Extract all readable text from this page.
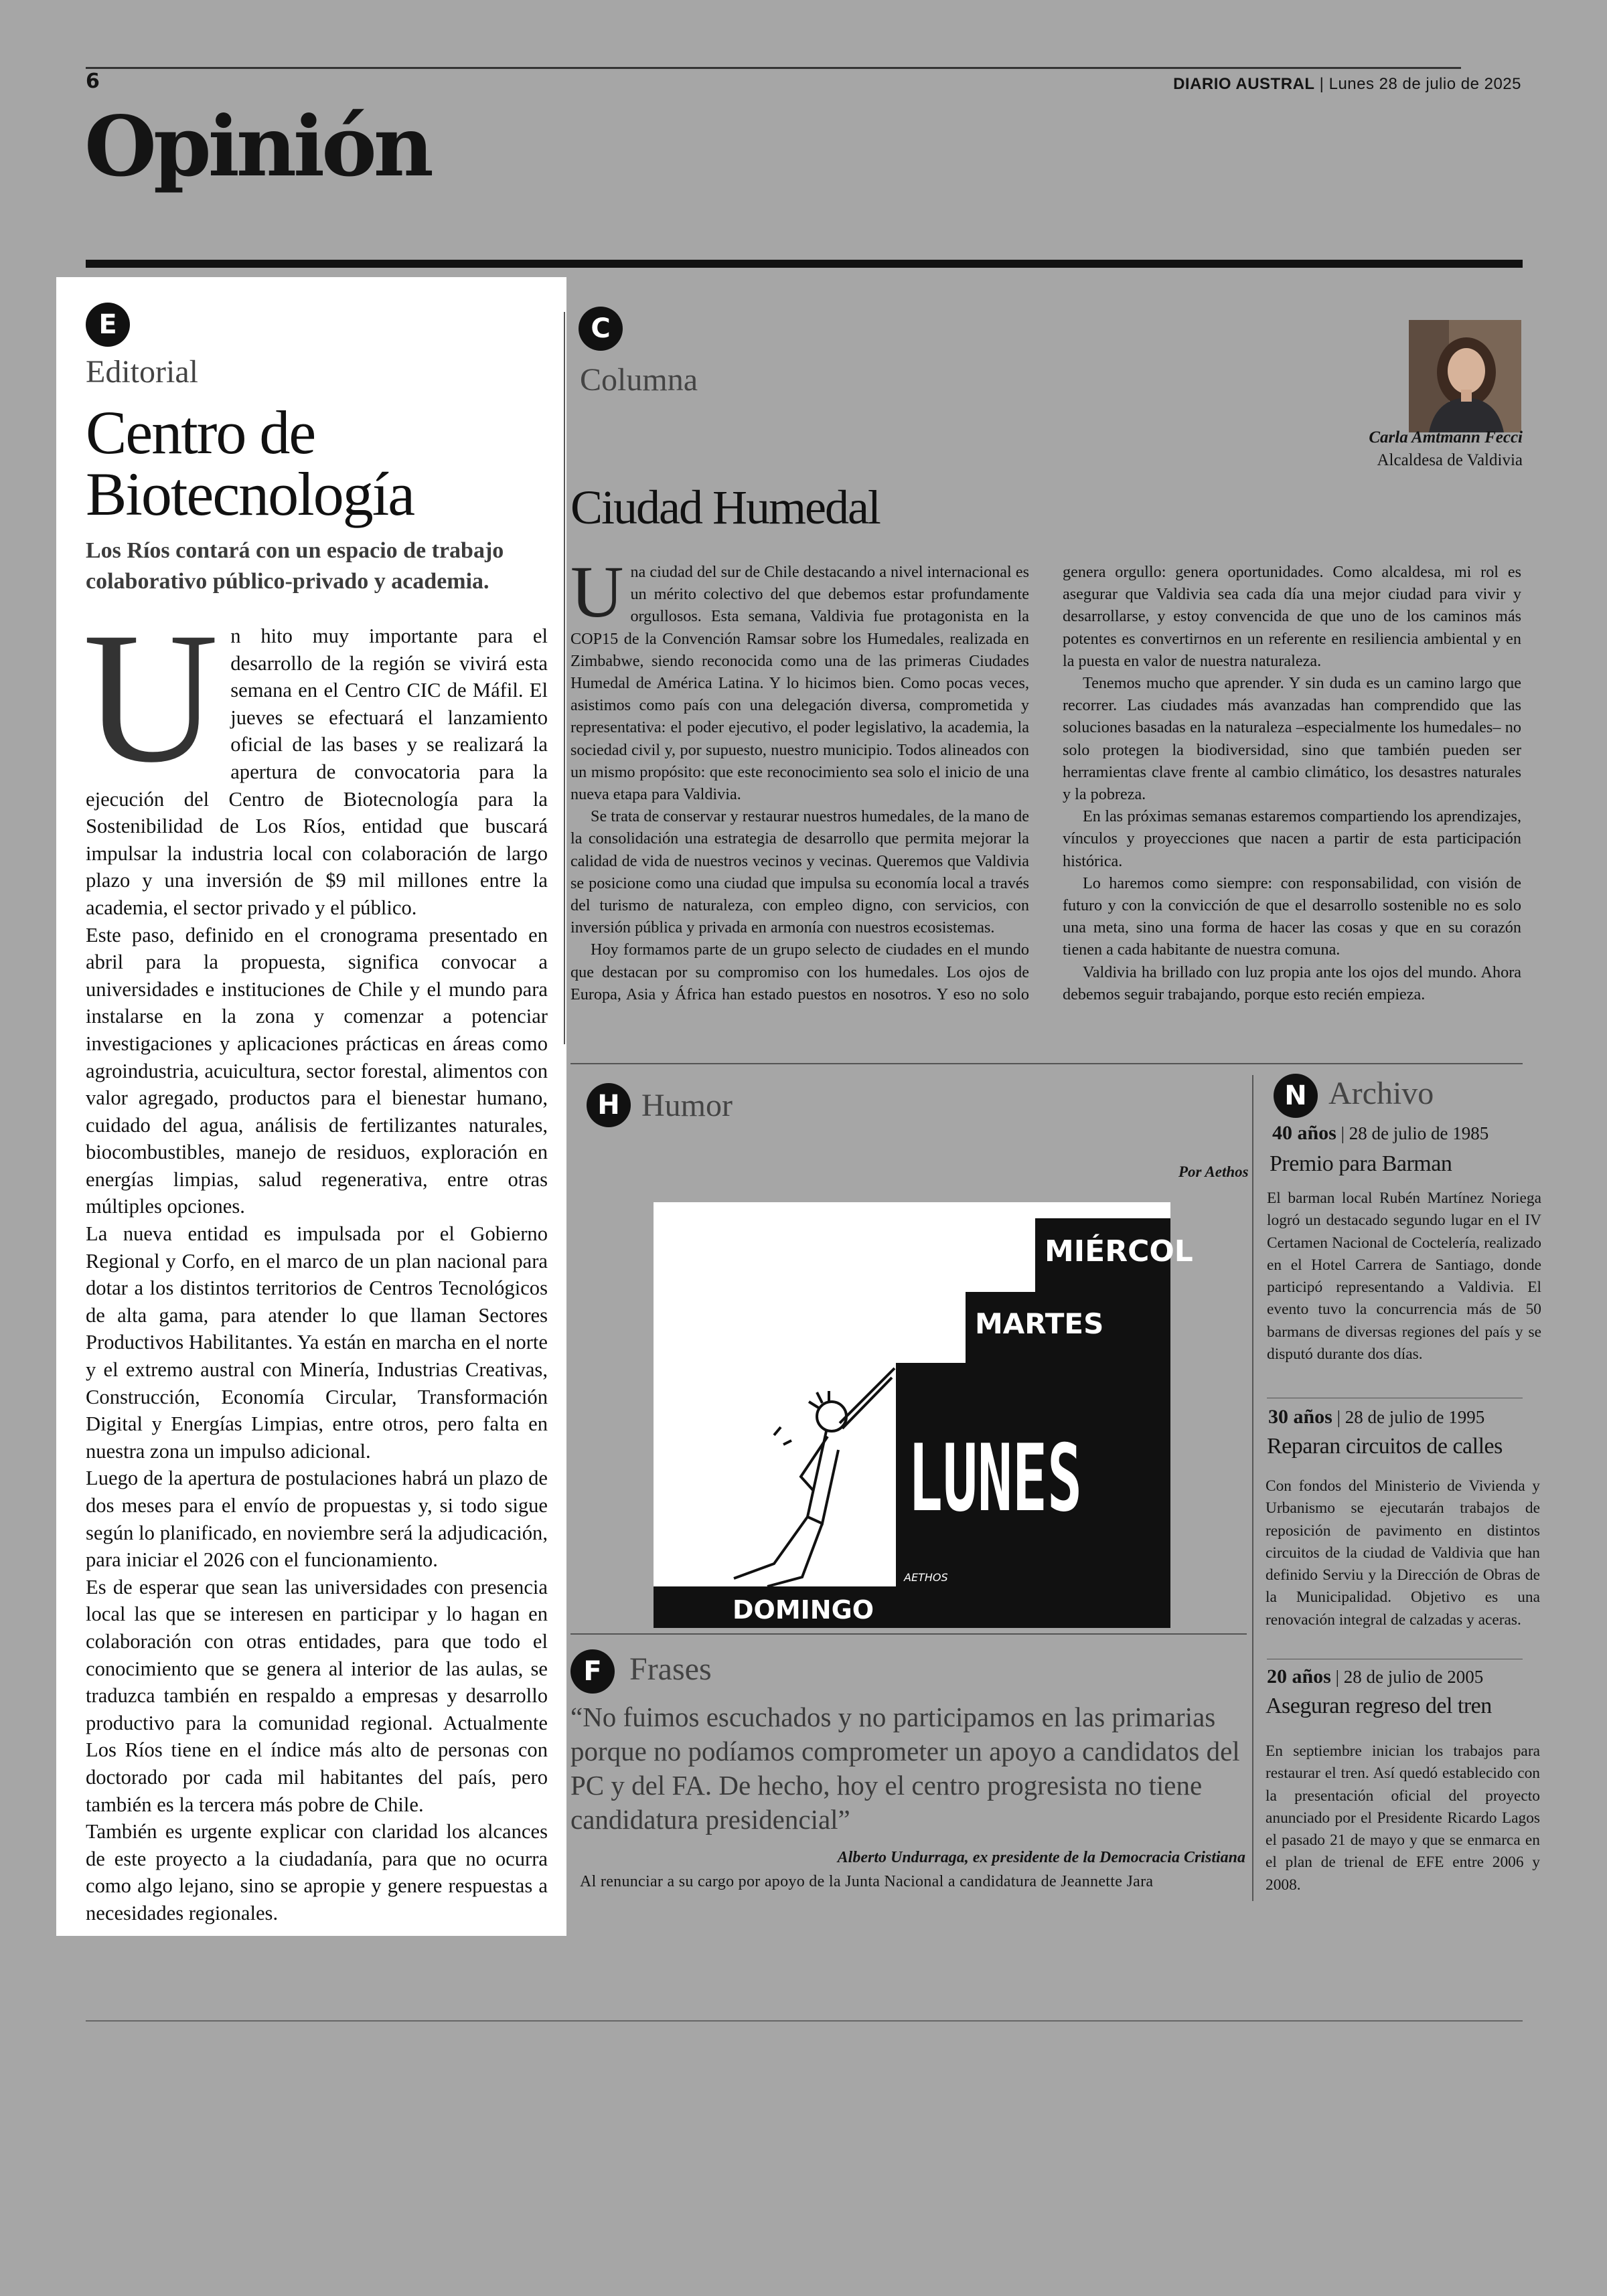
6	DIARIO AUSTRAL | Lunes 28 de julio de 2025
Opinión
E
Editorial
Centro de
Biotecnología
Los Ríos contará con un espacio de trabajo colaborativo público-privado y academia.

Un hito muy importante para el desarrollo de la región se vivirá esta semana en el Centro CIC de Máfil. El jueves se efectuará el lanzamiento oficial de las bases y se realizará la apertura de convocatoria para la ejecución del Centro de Biotecnología para la Sostenibilidad de Los Ríos, entidad que buscará impulsar la industria local con colaboración de largo plazo y una inversión de $9 mil millones entre la academia, el sector privado y el público.

Este paso, definido en el cronograma presentado en abril para la propuesta, significa convocar a universidades e instituciones de Chile y el mundo para instalarse en la zona y comenzar a potenciar investigaciones y aplicaciones prácticas en áreas como agroindustria, acuicultura, sector forestal, alimentos con valor agregado, productos para el bienestar humano, cuidado del agua, análisis de fertilizantes naturales, biocombustibles, manejo de residuos, exploración en energías limpias, salud regenerativa, entre otras múltiples opciones.

La nueva entidad es impulsada por el Gobierno Regional y Corfo, en el marco de un plan nacional para dotar a los distintos territorios de Centros Tecnológicos de alta gama, para atender lo que llaman Sectores Productivos Habilitantes. Ya están en marcha en el norte y el extremo austral con Minería, Industrias Creativas, Construcción, Economía Circular, Transformación Digital y Energías Limpias, entre otros, pero falta en nuestra zona un impulso adicional.

Luego de la apertura de postulaciones habrá un plazo de dos meses para el envío de propuestas y, si todo sigue según lo planificado, en noviembre será la adjudicación, para iniciar el 2026 con el funcionamiento.

Es de esperar que sean las universidades con presencia local las que se interesen en participar y lo hagan en colaboración con otras entidades, para que todo el conocimiento que se genera al interior de las aulas, se traduzca también en respaldo a empresas y desarrollo productivo para la comunidad regional. Actualmente Los Ríos tiene en el índice más alto de personas con doctorado por cada mil habitantes del país, pero también es la tercera más pobre de Chile.

También es urgente explicar con claridad los alcances de este proyecto a la ciudadanía, para que no ocurra como algo lejano, sino se apropie y genere respuestas a necesidades regionales.

C
Columna
Carla Amtmann Fecci
Alcaldesa de Valdivia
Ciudad Humedal

Una ciudad del sur de Chile destacando a nivel internacional es un mérito colectivo del que debemos estar profundamente orgullosos. Esta semana, Valdivia fue protagonista en la COP15 de la Convención Ramsar sobre los Humedales, realizada en Zimbabwe, siendo reconocida como una de las primeras Ciudades Humedal de América Latina. Y lo hicimos bien. Como pocas veces, asistimos como país con una delegación diversa, comprometida y representativa: el poder ejecutivo, el poder legislativo, la academia, la sociedad civil y, por supuesto, nuestro municipio. Todos alineados con un mismo propósito: que este reconocimiento sea solo el inicio de una nueva etapa para Valdivia.

Se trata de conservar y restaurar nuestros humedales, de la mano de la consolidación una estrategia de desarrollo que permita mejorar la calidad de vida de nuestros vecinos y vecinas. Queremos que Valdivia se posicione como una ciudad que impulsa su economía local a través del turismo de naturaleza, con empleo digno, con servicios, con inversión pública y privada en armonía con nuestros ecosistemas.

Hoy formamos parte de un grupo selecto de ciudades en el mundo que destacan por su compromiso con los humedales. Los ojos de Europa, Asia y África han estado puestos en nosotros. Y eso no solo genera orgullo: genera oportunidades. Como alcaldesa, mi rol es asegurar que Valdivia sea cada día una mejor ciudad para vivir y desarrollarse, y estoy convencida de que uno de los caminos más potentes es convertirnos en un referente en resiliencia ambiental y en la puesta en valor de nuestra naturaleza.

Tenemos mucho que aprender. Y sin duda es un camino largo que recorrer. Las ciudades más avanzadas han comprendido que las soluciones basadas en la naturaleza –especialmente los humedales– no solo protegen la biodiversidad, sino que también pueden ser herramientas clave frente al cambio climático, los desastres naturales y la pobreza.

En las próximas semanas estaremos compartiendo los aprendizajes, vínculos y proyecciones que nacen a partir de esta participación histórica.

Lo haremos como siempre: con responsabilidad, con visión de futuro y con la convicción de que el desarrollo sostenible no es solo una meta, sino una forma de hacer las cosas y que en su corazón tienen a cada habitante de nuestra comuna.

Valdivia ha brillado con luz propia ante los ojos del mundo. Ahora debemos seguir trabajando, porque esto recién empieza.

H Humor
Por Aethos
DOMINGO
LUNES
MARTES
MIÉRCOL
AETHOS
F Frases
“No fuimos escuchados y no participamos en las primarias porque no podíamos comprometer un apoyo a candidatos del PC y del FA. De hecho, hoy el centro progresista no tiene candidatura presidencial”
Alberto Undurraga, ex presidente de la Democracia Cristiana
Al renunciar a su cargo por apoyo de la Junta Nacional a candidatura de Jeannette Jara
N Archivo
40 años | 28 de julio de 1985
Premio para Barman
El barman local Rubén Martínez Noriega logró un destacado segundo lugar en el IV Certamen Nacional de Coctelería, realizado en el Hotel Carrera de Santiago, donde participó representando a Valdivia. El evento tuvo la concurrencia más de 50 barmans de diversas regiones del país y se disputó durante dos días.
30 años | 28 de julio de 1995
Reparan circuitos de calles
Con fondos del Ministerio de Vivienda y Urbanismo se ejecutarán trabajos de reposición de pavimento en distintos circuitos de la ciudad de Valdivia que han definido Serviu y la Dirección de Obras de la Municipalidad. Objetivo es una renovación integral de calzadas y aceras.
20 años | 28 de julio de 2005
Aseguran regreso del tren
En septiembre inician los trabajos para restaurar el tren. Así quedó establecido con la presentación oficial del proyecto anunciado por el Presidente Ricardo Lagos el pasado 21 de mayo y que se enmarca en el plan de trienal de EFE entre 2006 y 2008.
